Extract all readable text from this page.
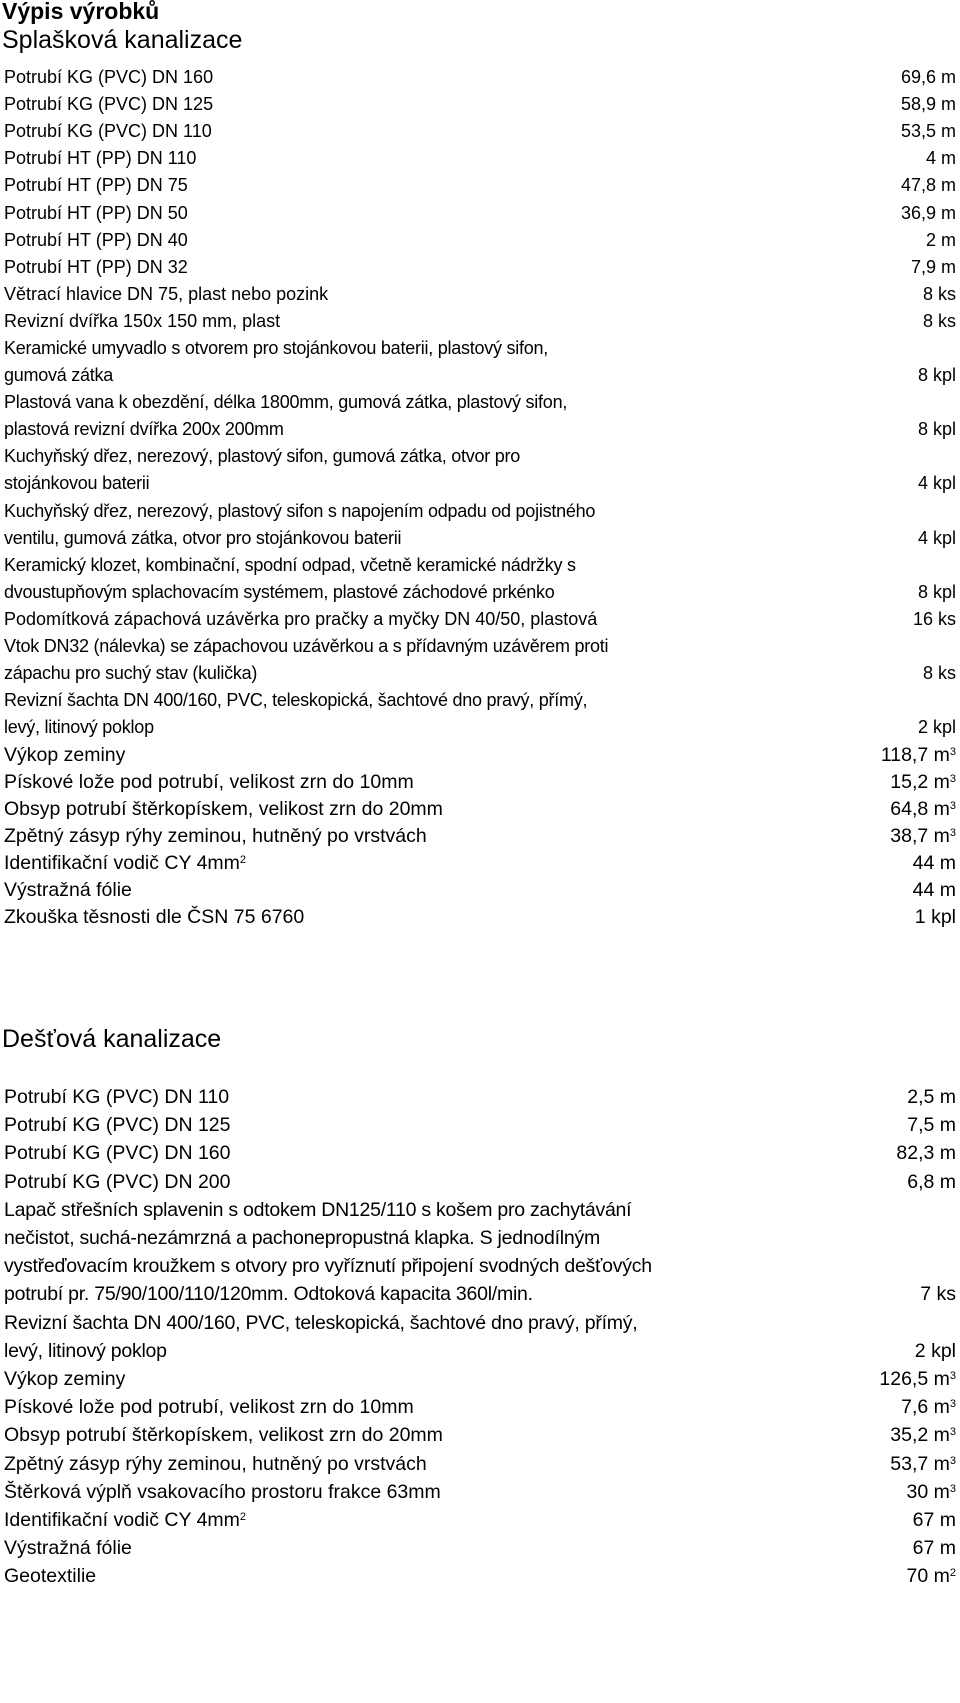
Výpis výrobků
Splašková kanalizace
Dešťová kanalizace
Potrubí KG (PVC) DN 160	69,6 m
Potrubí KG (PVC) DN 125	58,9 m
Potrubí KG (PVC) DN 110	53,5 m
Potrubí HT (PP) DN 110	4 m
Potrubí HT (PP) DN 75	47,8 m
Potrubí HT (PP) DN 50	36,9 m
Potrubí HT (PP) DN 40	2 m
Potrubí HT (PP) DN 32	7,9 m
Větrací hlavice DN 75, plast nebo pozink	8 ks
Revizní dvířka 150x 150 mm, plast	8 ks
Keramické umyvadlo s otvorem pro stojánkovou baterii, plastový sifon,
gumová zátka	8 kpl
Plastová vana k obezdění, délka 1800mm, gumová zátka, plastový sifon,
plastová revizní dvířka 200x 200mm	8 kpl
Kuchyňský dřez, nerezový, plastový sifon, gumová zátka, otvor pro
stojánkovou baterii	4 kpl
Kuchyňský dřez, nerezový, plastový sifon s napojením odpadu od pojistného
ventilu, gumová zátka, otvor pro stojánkovou baterii	4 kpl
Keramický klozet, kombinační, spodní odpad, včetně keramické nádržky s
dvoustupňovým splachovacím systémem, plastové záchodové prkénko	8 kpl
Podomítková zápachová uzávěrka pro pračky a myčky DN 40/50, plastová	16 ks
Vtok DN32 (nálevka) se zápachovou uzávěrkou a s přídavným uzávěrem proti
zápachu pro suchý stav (kulička)	8 ks
Revizní šachta DN 400/160, PVC, teleskopická, šachtové dno pravý, přímý,
levý, litinový poklop	2 kpl
Výkop zeminy	118,7 $m^3$
Pískové lože pod potrubí, velikost zrn do 10mm	15,2 $m^3$
Obsyp potrubí štěrkopískem, velikost zrn do 20mm	64,8 $m^3$
Zpětný zásyp rýhy zeminou, hutněný po vrstvách	38,7 $m^3$
Identifikační vodič CY $4mm^2$	44 m
Výstražná fólie	44 m
Zkouška těsnosti dle ČSN 75 6760	1 kpl
Potrubí KG (PVC) DN 110	2,5 m
Potrubí KG (PVC) DN 125	7,5 m
Potrubí KG (PVC) DN 160	82,3 m
Potrubí KG (PVC) DN 200	6,8 m
Lapač střešních splavenin s odtokem DN125/110 s košem pro zachytávání
nečistot, suchá-nezámrzná a pachonepropustná klapka. S jednodílným
vystřeďovacím kroužkem s otvory pro vyříznutí připojení svodných dešťových
potrubí pr. 75/90/100/110/120mm. Odtoková kapacita 360l/min.	7 ks
Revizní šachta DN 400/160, PVC, teleskopická, šachtové dno pravý, přímý,
levý, litinový poklop	2 kpl
Výkop zeminy	126,5 $m^3$
Pískové lože pod potrubí, velikost zrn do 10mm	7,6 $m^3$
Obsyp potrubí štěrkopískem, velikost zrn do 20mm	35,2 $m^3$
Zpětný zásyp rýhy zeminou, hutněný po vrstvách	53,7 $m^3$
Štěrková výplň vsakovacího prostoru frakce 63mm	30 $m^3$
Identifikační vodič CY $4mm^2$	67 m
Výstražná fólie	67 m
Geotextilie	70 $m^2$
